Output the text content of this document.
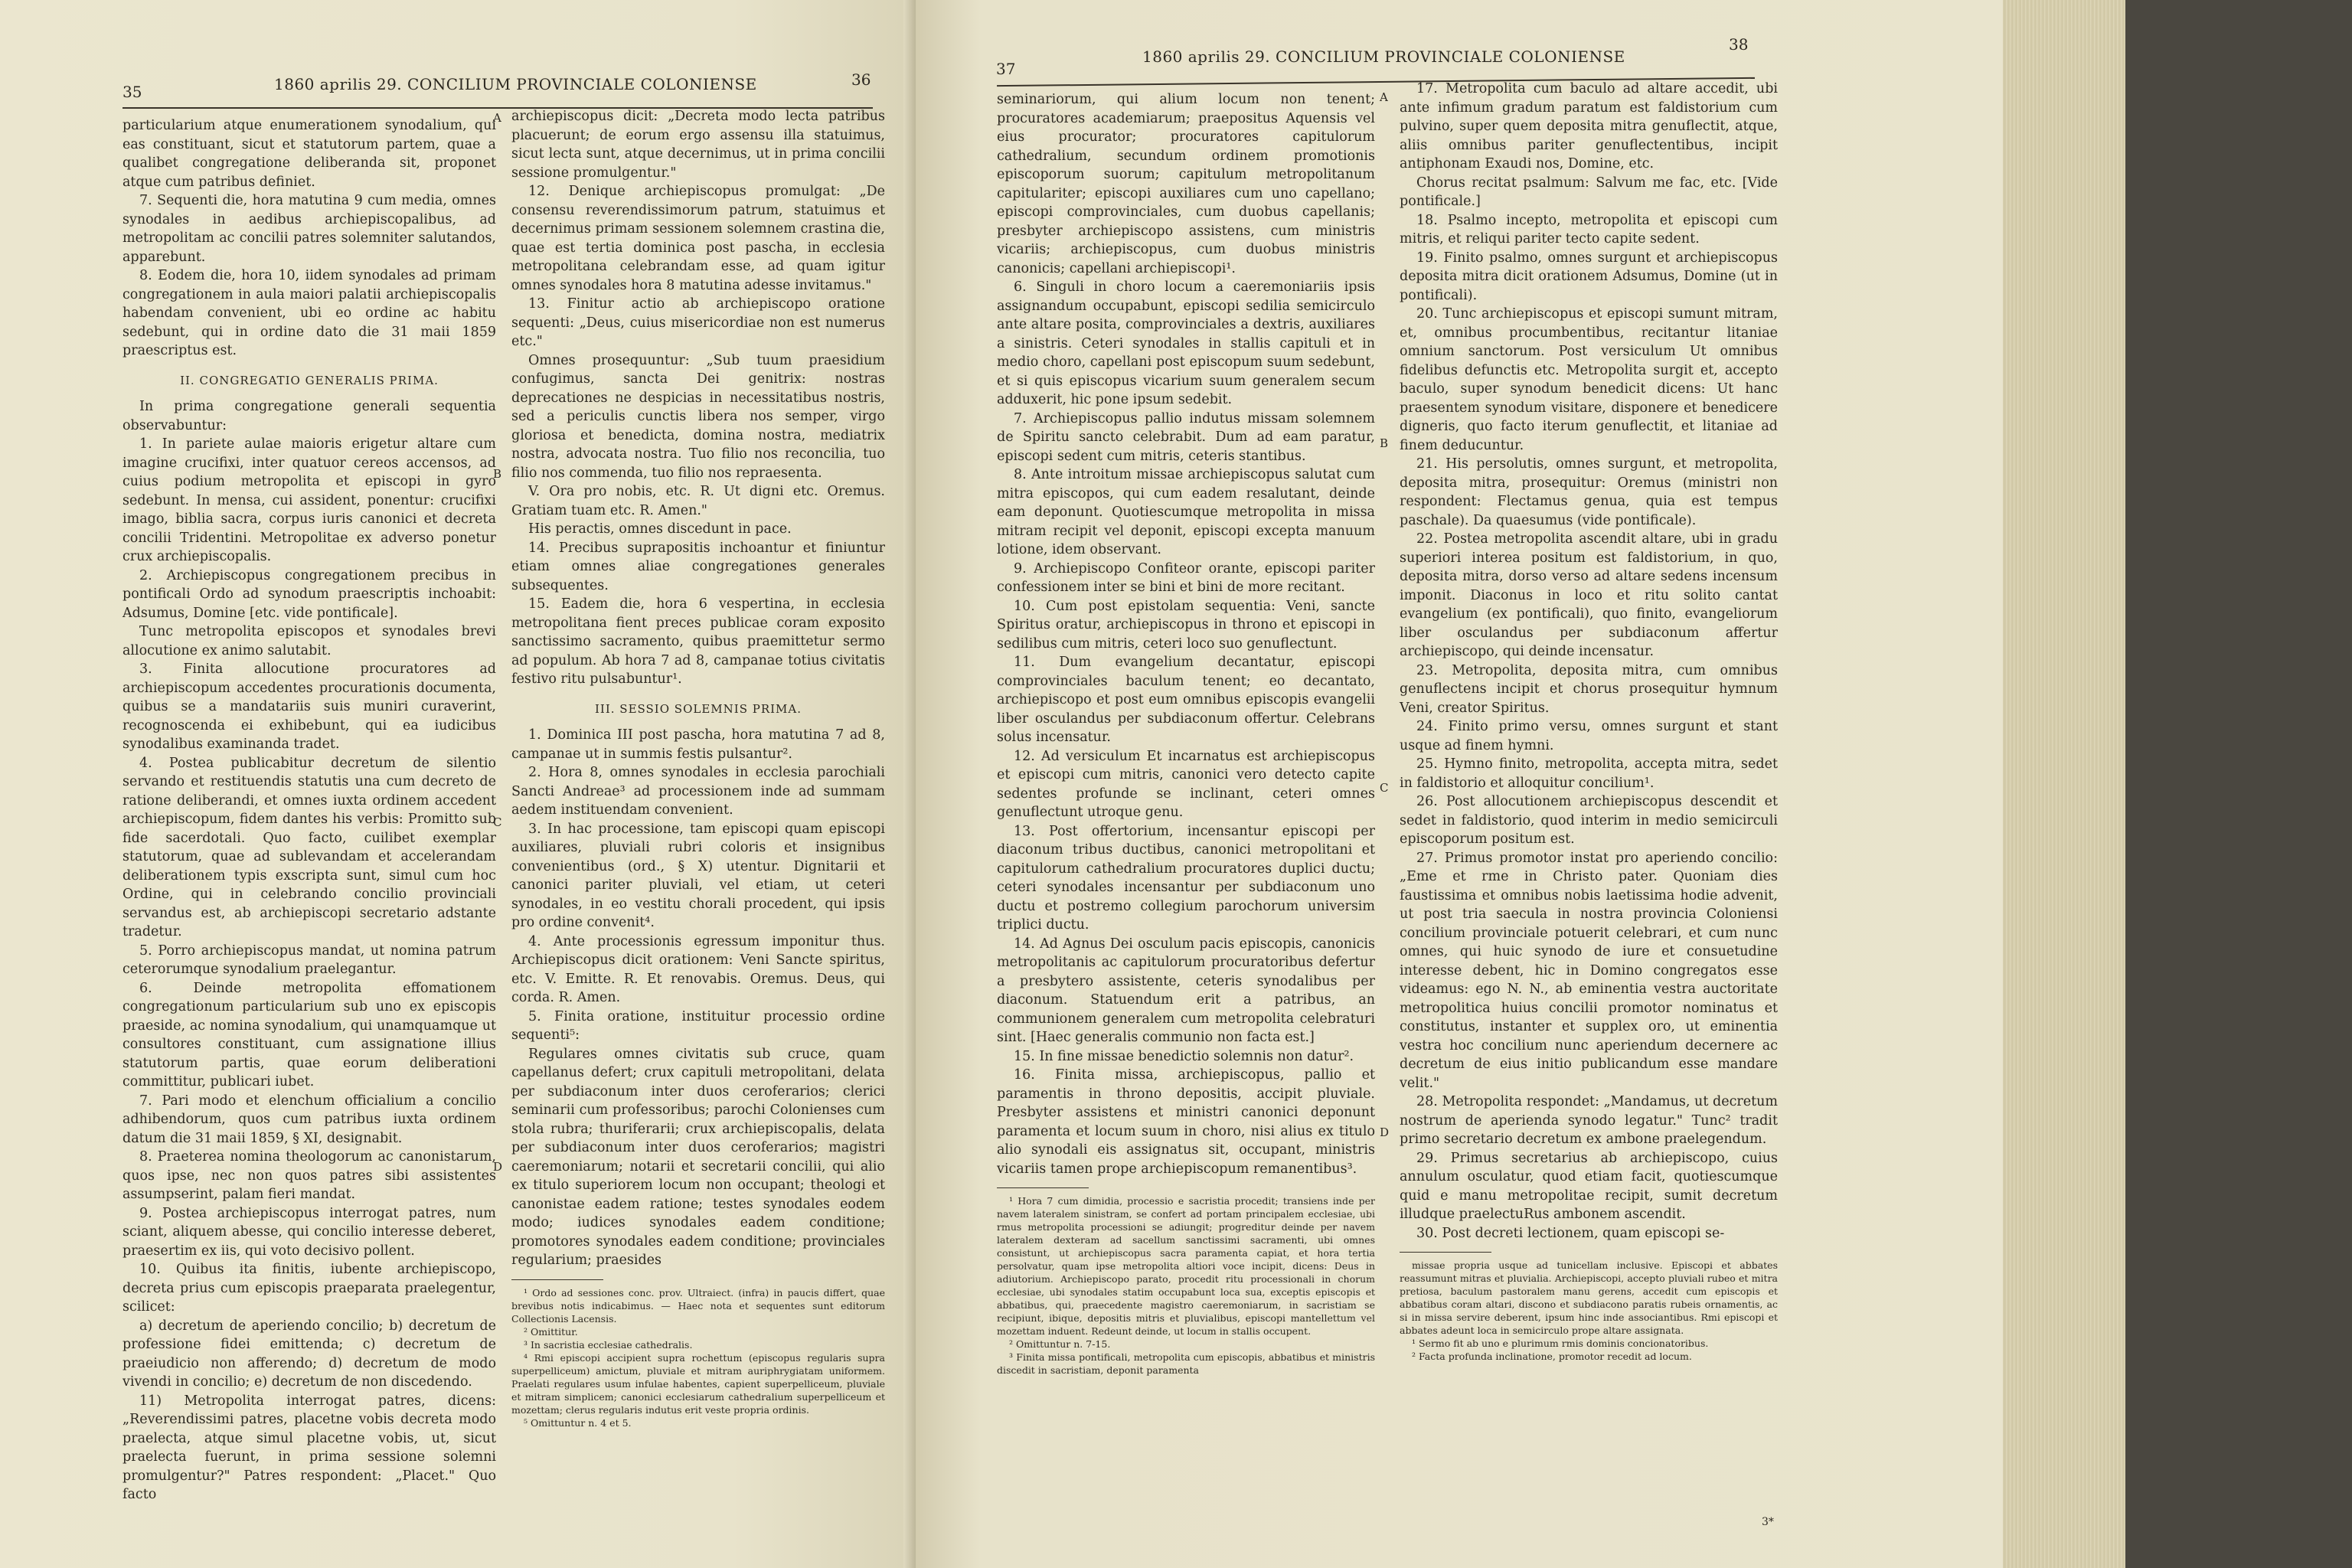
35	1860 aprilis 29. CONCILIUM PROVINCIALE COLONIENSE	36

particularium atque enumerationem synodalium, qui eas constituant, sicut et statutorum partem, quae a qualibet congregatione deliberanda sit, proponet atque cum patribus definiet.

7. Sequenti die, hora matutina 9 cum media, omnes synodales in aedibus archiepiscopalibus, ad metropolitam ac concilii patres solemniter salutandos, apparebunt.

8. Eodem die, hora 10, iidem synodales ad primam congregationem in aula maiori palatii archiepiscopalis habendam convenient, ubi eo ordine ac habitu sedebunt, qui in ordine dato die 31 maii 1859 praescriptus est.

II. CONGREGATIO GENERALIS PRIMA.

In prima congregatione generali sequentia observabuntur:

1. In pariete aulae maioris erigetur altare cum imagine crucifixi, inter quatuor cereos accensos, ad cuius podium metropolita et episcopi in gyro sedebunt. In mensa, cui assident, ponentur: crucifixi imago, biblia sacra, corpus iuris canonici et decreta concilii Tridentini. Metropolitae ex adverso ponetur crux archiepiscopalis.

2. Archiepiscopus congregationem precibus in pontificali Ordo ad synodum praescriptis inchoabit: Adsumus, Domine [etc. vide pontificale].

Tunc metropolita episcopos et synodales brevi allocutione ex animo salutabit.

3. Finita allocutione procuratores ad archiepiscopum accedentes procurationis documenta, quibus se a mandatariis suis muniri curaverint, recognoscenda ei exhibebunt, qui ea iudicibus synodalibus examinanda tradet.

4. Postea publicabitur decretum de silentio servando et restituendis statutis una cum decreto de ratione deliberandi, et omnes iuxta ordinem accedent archiepiscopum, fidem dantes his verbis: Promitto sub fide sacerdotali. Quo facto, cuilibet exemplar statutorum, quae ad sublevandam et accelerandam deliberationem typis exscripta sunt, simul cum hoc Ordine, qui in celebrando concilio provinciali servandus est, ab archiepiscopi secretario adstante tradetur.

5. Porro archiepiscopus mandat, ut nomina patrum ceterorumque synodalium praelegantur.

6. Deinde metropolita effomationem congregationum particularium sub uno ex episcopis praeside, ac nomina synodalium, qui unamquamque ut consultores constituant, cum assignatione illius statutorum partis, quae eorum deliberationi committitur, publicari iubet.

7. Pari modo et elenchum officialium a concilio adhibendorum, quos cum patribus iuxta ordinem datum die 31 maii 1859, § XI, designabit.

8. Praeterea nomina theologorum ac canonistarum, quos ipse, nec non quos patres sibi assistentes assumpserint, palam fieri mandat.

9. Postea archiepiscopus interrogat patres, num sciant, aliquem abesse, qui concilio interesse deberet, praesertim ex iis, qui voto decisivo pollent.

10. Quibus ita finitis, iubente archiepiscopo, decreta prius cum episcopis praeparata praelegentur, scilicet:

a) decretum de aperiendo concilio; b) decretum de professione fidei emittenda; c) decretum de praeiudicio non afferendo; d) decretum de modo vivendi in concilio; e) decretum de non discedendo.

11) Metropolita interrogat patres, dicens: „Reverendissimi patres, placetne vobis decreta modo praelecta, atque simul placetne vobis, ut, sicut praelecta fuerunt, in prima sessione solemni promulgentur?" Patres respondent: „Placet." Quo facto

archiepiscopus dicit: „Decreta modo lecta patribus placuerunt; de eorum ergo assensu illa statuimus, sicut lecta sunt, atque decernimus, ut in prima concilii sessione promulgentur."

12. Denique archiepiscopus promulgat: „De consensu reverendissimorum patrum, statuimus et decernimus primam sessionem solemnem crastina die, quae est tertia dominica post pascha, in ecclesia metropolitana celebrandam esse, ad quam igitur omnes synodales hora 8 matutina adesse invitamus."

13. Finitur actio ab archiepiscopo oratione sequenti: „Deus, cuius misericordiae non est numerus etc."

Omnes prosequuntur: „Sub tuum praesidium confugimus, sancta Dei genitrix: nostras deprecationes ne despicias in necessitatibus nostris, sed a periculis cunctis libera nos semper, virgo gloriosa et benedicta, domina nostra, mediatrix nostra, advocata nostra. Tuo filio nos reconcilia, tuo filio nos commenda, tuo filio nos repraesenta.

V. Ora pro nobis, etc. R. Ut digni etc. Oremus. Gratiam tuam etc. R. Amen."

His peractis, omnes discedunt in pace.

14. Precibus suprapositis inchoantur et finiuntur etiam omnes aliae congregationes generales subsequentes.

15. Eadem die, hora 6 vespertina, in ecclesia metropolitana fient preces publicae coram exposito sanctissimo sacramento, quibus praemittetur sermo ad populum. Ab hora 7 ad 8, campanae totius civitatis festivo ritu pulsabuntur¹.

III. SESSIO SOLEMNIS PRIMA.

1. Dominica III post pascha, hora matutina 7 ad 8, campanae ut in summis festis pulsantur².

2. Hora 8, omnes synodales in ecclesia parochiali Sancti Andreae³ ad processionem inde ad summam aedem instituendam convenient.

3. In hac processione, tam episcopi quam episcopi auxiliares, pluviali rubri coloris et insignibus convenientibus (ord., § X) utentur. Dignitarii et canonici pariter pluviali, vel etiam, ut ceteri synodales, in eo vestitu chorali procedent, qui ipsis pro ordine convenit⁴.

4. Ante processionis egressum imponitur thus. Archiepiscopus dicit orationem: Veni Sancte spiritus, etc. V. Emitte. R. Et renovabis. Oremus. Deus, qui corda. R. Amen.

5. Finita oratione, instituitur processio ordine sequenti⁵:

Regulares omnes civitatis sub cruce, quam capellanus defert; crux capituli metropolitani, delata per subdiaconum inter duos ceroferarios; clerici seminarii cum professoribus; parochi Colonienses cum stola rubra; thuriferarii; crux archiepiscopalis, delata per subdiaconum inter duos ceroferarios; magistri caeremoniarum; notarii et secretarii concilii, qui alio ex titulo superiorem locum non occupant; theologi et canonistae eadem ratione; testes synodales eodem modo; iudices synodales eadem conditione; promotores synodales eadem conditione; provinciales regularium; praesides

¹ Ordo ad sessiones conc. prov. Ultraiect. (infra) in paucis differt, quae brevibus notis indicabimus. — Haec nota et sequentes sunt editorum Collectionis Lacensis.

² Omittitur.

³ In sacristia ecclesiae cathedralis.

⁴ Rmi episcopi accipient supra rochettum (episcopus regularis supra superpelliceum) amictum, pluviale et mitram auriphrygiatam uniformem. Praelati regulares usum infulae habentes, capient superpelliceum, pluviale et mitram simplicem; canonici ecclesiarum cathedralium superpelliceum et mozettam; clerus regularis indutus erit veste propria ordinis.

⁵ Omittuntur n. 4 et 5.

A
B
C
D
37
1860 aprilis 29. CONCILIUM PROVINCIALE COLONIENSE
38

seminariorum, qui alium locum non tenent; procuratores academiarum; praepositus Aquensis vel eius procurator; procuratores capitulorum cathedralium, secundum ordinem promotionis episcoporum suorum; capitulum metropolitanum capitulariter; episcopi auxiliares cum uno capellano; episcopi comprovinciales, cum duobus capellanis; presbyter archiepiscopo assistens, cum ministris vicariis; archiepiscopus, cum duobus ministris canonicis; capellani archiepiscopi¹.

6. Singuli in choro locum a caeremoniariis ipsis assignandum occupabunt, episcopi sedilia semicirculo ante altare posita, comprovinciales a dextris, auxiliares a sinistris. Ceteri synodales in stallis capituli et in medio choro, capellani post episcopum suum sedebunt, et si quis episcopus vicarium suum generalem secum adduxerit, hic pone ipsum sedebit.

7. Archiepiscopus pallio indutus missam solemnem de Spiritu sancto celebrabit. Dum ad eam paratur, episcopi sedent cum mitris, ceteris stantibus.

8. Ante introitum missae archiepiscopus salutat cum mitra episcopos, qui cum eadem resalutant, deinde eam deponunt. Quotiescumque metropolita in missa mitram recipit vel deponit, episcopi excepta manuum lotione, idem observant.

9. Archiepiscopo Confiteor orante, episcopi pariter confessionem inter se bini et bini de more recitant.

10. Cum post epistolam sequentia: Veni, sancte Spiritus oratur, archiepiscopus in throno et episcopi in sedilibus cum mitris, ceteri loco suo genuflectunt.

11. Dum evangelium decantatur, episcopi comprovinciales baculum tenent; eo decantato, archiepiscopo et post eum omnibus episcopis evangelii liber osculandus per subdiaconum offertur. Celebrans solus incensatur.

12. Ad versiculum Et incarnatus est archiepiscopus et episcopi cum mitris, canonici vero detecto capite sedentes profunde se inclinant, ceteri omnes genuflectunt utroque genu.

13. Post offertorium, incensantur episcopi per diaconum tribus ductibus, canonici metropolitani et capitulorum cathedralium procuratores duplici ductu; ceteri synodales incensantur per subdiaconum uno ductu et postremo collegium parochorum universim triplici ductu.

14. Ad Agnus Dei osculum pacis episcopis, canonicis metropolitanis ac capitulorum procuratoribus defertur a presbytero assistente, ceteris synodalibus per diaconum. Statuendum erit a patribus, an communionem generalem cum metropolita celebraturi sint. [Haec generalis communio non facta est.]

15. In fine missae benedictio solemnis non datur².

16. Finita missa, archiepiscopus, pallio et paramentis in throno depositis, accipit pluviale. Presbyter assistens et ministri canonici deponunt paramenta et locum suum in choro, nisi alius ex titulo alio synodali eis assignatus sit, occupant, ministris vicariis tamen prope archiepiscopum remanentibus³.

¹ Hora 7 cum dimidia, processio e sacristia procedit; transiens inde per navem lateralem sinistram, se confert ad portam principalem ecclesiae, ubi rmus metropolita processioni se adiungit; progreditur deinde per navem lateralem dexteram ad sacellum sanctissimi sacramenti, ubi omnes consistunt, ut archiepiscopus sacra paramenta capiat, et hora tertia persolvatur, quam ipse metropolita altiori voce incipit, dicens: Deus in adiutorium. Archiepiscopo parato, procedit ritu processionali in chorum ecclesiae, ubi synodales statim occupabunt loca sua, exceptis episcopis et abbatibus, qui, praecedente magistro caeremoniarum, in sacristiam se recipiunt, ibique, depositis mitris et pluvialibus, episcopi mantellettum vel mozettam induent. Redeunt deinde, ut locum in stallis occupent.

² Omittuntur n. 7-15.

³ Finita missa pontificali, metropolita cum episcopis, abbatibus et ministris discedit in sacristiam, deponit paramenta

17. Metropolita cum baculo ad altare accedit, ubi ante infimum gradum paratum est faldistorium cum pulvino, super quem deposita mitra genuflectit, atque, aliis omnibus pariter genuflectentibus, incipit antiphonam Exaudi nos, Domine, etc.

Chorus recitat psalmum: Salvum me fac, etc. [Vide pontificale.]

18. Psalmo incepto, metropolita et episcopi cum mitris, et reliqui pariter tecto capite sedent.

19. Finito psalmo, omnes surgunt et archiepiscopus deposita mitra dicit orationem Adsumus, Domine (ut in pontificali).

20. Tunc archiepiscopus et episcopi sumunt mitram, et, omnibus procumbentibus, recitantur litaniae omnium sanctorum. Post versiculum Ut omnibus fidelibus defunctis etc. Metropolita surgit et, accepto baculo, super synodum benedicit dicens: Ut hanc praesentem synodum visitare, disponere et benedicere digneris, quo facto iterum genuflectit, et litaniae ad finem deducuntur.

21. His persolutis, omnes surgunt, et metropolita, deposita mitra, prosequitur: Oremus (ministri non respondent: Flectamus genua, quia est tempus paschale). Da quaesumus (vide pontificale).

22. Postea metropolita ascendit altare, ubi in gradu superiori interea positum est faldistorium, in quo, deposita mitra, dorso verso ad altare sedens incensum imponit. Diaconus in loco et ritu solito cantat evangelium (ex pontificali), quo finito, evangeliorum liber osculandus per subdiaconum affertur archiepiscopo, qui deinde incensatur.

23. Metropolita, deposita mitra, cum omnibus genuflectens incipit et chorus prosequitur hymnum Veni, creator Spiritus.

24. Finito primo versu, omnes surgunt et stant usque ad finem hymni.

25. Hymno finito, metropolita, accepta mitra, sedet in faldistorio et alloquitur concilium¹.

26. Post allocutionem archiepiscopus descendit et sedet in faldistorio, quod interim in medio semicirculi episcoporum positum est.

27. Primus promotor instat pro aperiendo concilio: „Eme et rme in Christo pater. Quoniam dies faustissima et omnibus nobis laetissima hodie advenit, ut post tria saecula in nostra provincia Coloniensi concilium provinciale potuerit celebrari, et cum nunc omnes, qui huic synodo de iure et consuetudine interesse debent, hic in Domino congregatos esse videamus: ego N. N., ab eminentia vestra auctoritate metropolitica huius concilii promotor nominatus et constitutus, instanter et supplex oro, ut eminentia vestra hoc concilium nunc aperiendum decernere ac decretum de eius initio publicandum esse mandare velit."

28. Metropolita respondet: „Mandamus, ut decretum nostrum de aperienda synodo legatur." Tunc² tradit primo secretario decretum ex ambone praelegendum.

29. Primus secretarius ab archiepiscopo, cuius annulum osculatur, quod etiam facit, quotiescumque quid e manu metropolitae recipit, sumit decretum illudque praelectuRus ambonem ascendit.

30. Post decreti lectionem, quam episcopi se-

missae propria usque ad tunicellam inclusive. Episcopi et abbates reassumunt mitras et pluvialia. Archiepiscopi, accepto pluviali rubeo et mitra pretiosa, baculum pastoralem manu gerens, accedit cum episcopis et abbatibus coram altari, discono et subdiacono paratis rubeis ornamentis, ac si in missa servire deberent, ipsum hinc inde associantibus. Rmi episcopi et abbates adeunt loca in semicirculo prope altare assignata.

¹ Sermo fit ab uno e plurimum rmis dominis concionatoribus.

² Facta profunda inclinatione, promotor recedit ad locum.

A
B
C
D
3*
